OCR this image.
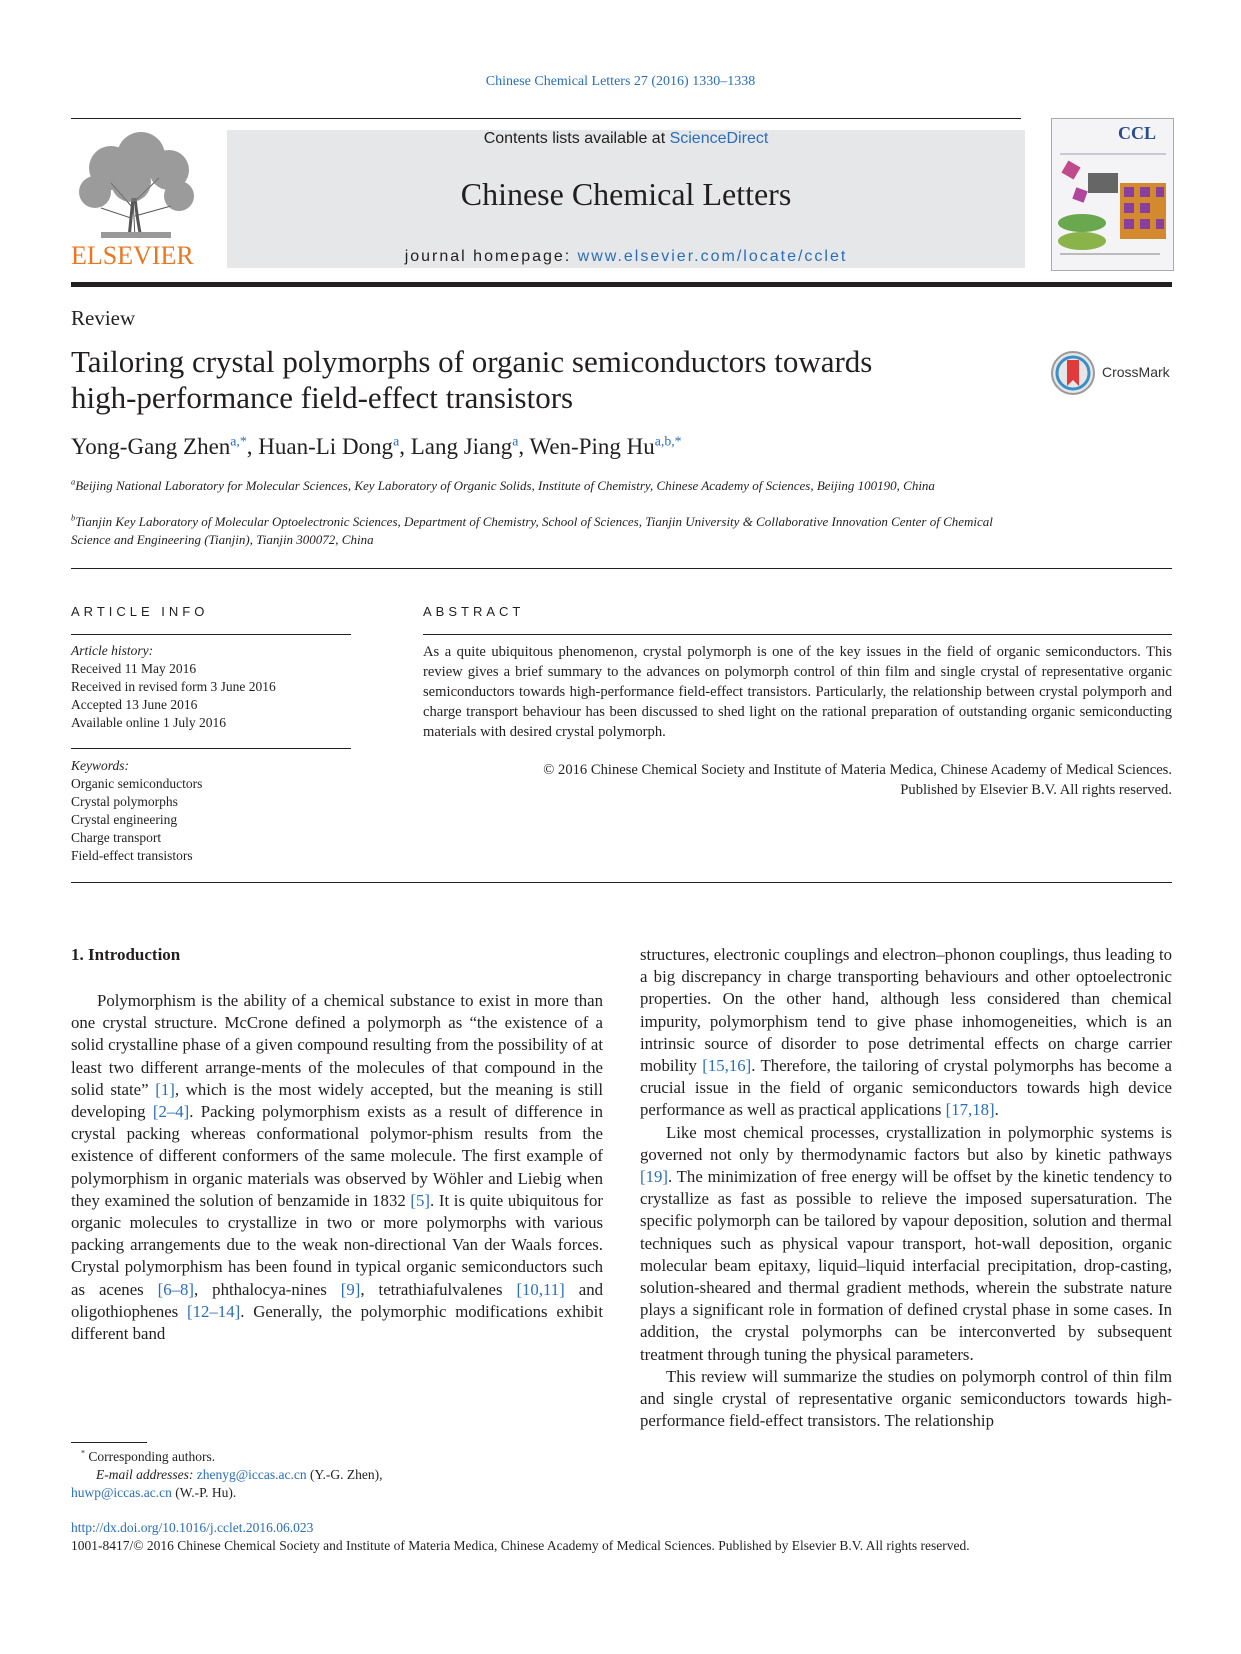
Chinese Chemical Letters 27 (2016) 1330–1338
ELSEVIER
Contents lists available at ScienceDirect
Chinese Chemical Letters
journal homepage: www.elsevier.com/locate/cclet
CCL
Review
Tailoring crystal polymorphs of organic semiconductors towards
high-performance field-effect transistors
CrossMark
Yong-Gang Zhen$^{a,*}$, Huan-Li Dong$^a$, Lang Jiang$^a$, Wen-Ping Hu$^{a,b,*}$
$^a$Beijing National Laboratory for Molecular Sciences, Key Laboratory of Organic Solids, Institute of Chemistry, Chinese Academy of Sciences, Beijing 100190, China
$^b$Tianjin Key Laboratory of Molecular Optoelectronic Sciences, Department of Chemistry, School of Sciences, Tianjin University & Collaborative Innovation Center of Chemical Science and Engineering (Tianjin), Tianjin 300072, China
ARTICLE INFO	ABSTRACT
Article history:
Received 11 May 2016
Received in revised form 3 June 2016
Accepted 13 June 2016
Available online 1 July 2016
Keywords:
Organic semiconductors
Crystal polymorphs
Crystal engineering
Charge transport
Field-effect transistors
As a quite ubiquitous phenomenon, crystal polymorph is one of the key issues in the field of organic semiconductors. This review gives a brief summary to the advances on polymorph control of thin film and single crystal of representative organic semiconductors towards high-performance field-effect transistors. Particularly, the relationship between crystal polymporh and charge transport behaviour has been discussed to shed light on the rational preparation of outstanding organic semiconducting materials with desired crystal polymorph.
© 2016 Chinese Chemical Society and Institute of Materia Medica, Chinese Academy of Medical Sciences.
Published by Elsevier B.V. All rights reserved.
1. Introduction

Polymorphism is the ability of a chemical substance to exist in more than one crystal structure. McCrone defined a polymorph as “the existence of a solid crystalline phase of a given compound resulting from the possibility of at least two different arrange-ments of the molecules of that compound in the solid state” [1], which is the most widely accepted, but the meaning is still developing [2–4]. Packing polymorphism exists as a result of difference in crystal packing whereas conformational polymor-phism results from the existence of different conformers of the same molecule. The first example of polymorphism in organic materials was observed by Wöhler and Liebig when they examined the solution of benzamide in 1832 [5]. It is quite ubiquitous for organic molecules to crystallize in two or more polymorphs with various packing arrangements due to the weak non-directional Van der Waals forces. Crystal polymorphism has been found in typical organic semiconductors such as acenes [6–8], phthalocya-nines [9], tetrathiafulvalenes [10,11] and oligothiophenes [12–14]. Generally, the polymorphic modifications exhibit different band

structures, electronic couplings and electron–phonon couplings, thus leading to a big discrepancy in charge transporting behaviours and other optoelectronic properties. On the other hand, although less considered than chemical impurity, polymorphism tend to give phase inhomogeneities, which is an intrinsic source of disorder to pose detrimental effects on charge carrier mobility [15,16]. Therefore, the tailoring of crystal polymorphs has become a crucial issue in the field of organic semiconductors towards high device performance as well as practical applications [17,18].

Like most chemical processes, crystallization in polymorphic systems is governed not only by thermodynamic factors but also by kinetic pathways [19]. The minimization of free energy will be offset by the kinetic tendency to crystallize as fast as possible to relieve the imposed supersaturation. The specific polymorph can be tailored by vapour deposition, solution and thermal techniques such as physical vapour transport, hot-wall deposition, organic molecular beam epitaxy, liquid–liquid interfacial precipitation, drop-casting, solution-sheared and thermal gradient methods, wherein the substrate nature plays a significant role in formation of defined crystal phase in some cases. In addition, the crystal polymorphs can be interconverted by subsequent treatment through tuning the physical parameters.

This review will summarize the studies on polymorph control of thin film and single crystal of representative organic semiconductors towards high-performance field-effect transistors. The relationship

* Corresponding authors.
E-mail addresses: zhenyg@iccas.ac.cn (Y.-G. Zhen),
huwp@iccas.ac.cn (W.-P. Hu).
http://dx.doi.org/10.1016/j.cclet.2016.06.023
1001-8417/© 2016 Chinese Chemical Society and Institute of Materia Medica, Chinese Academy of Medical Sciences. Published by Elsevier B.V. All rights reserved.
